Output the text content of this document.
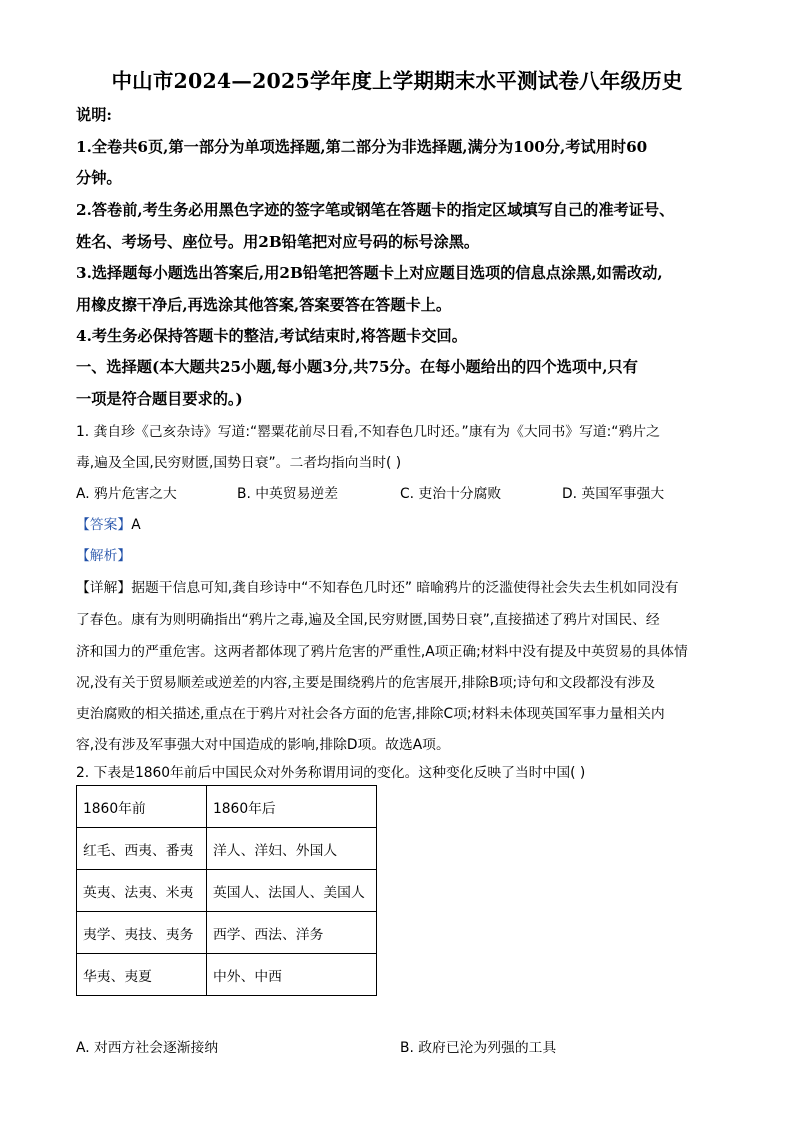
中山市2024—2025学年度上学期期末水平测试卷八年级历史
说明:
1.全卷共6页,第一部分为单项选择题,第二部分为非选择题,满分为100分,考试用时60
分钟。
2.答卷前,考生务必用黑色字迹的签字笔或钢笔在答题卡的指定区域填写自己的准考证号、
姓名、考场号、座位号。用2B铅笔把对应号码的标号涂黑。
3.选择题每小题选出答案后,用2B铅笔把答题卡上对应题目选项的信息点涂黑,如需改动,
用橡皮擦干净后,再选涂其他答案,答案要答在答题卡上。
4.考生务必保持答题卡的整洁,考试结束时,将答题卡交回。
一、选择题(本大题共25小题,每小题3分,共75分。在每小题给出的四个选项中,只有
一项是符合题目要求的。)
1. 龚自珍《己亥杂诗》写道:“罂粟花前尽日看,不知春色几时还。”康有为《大同书》写道:“鸦片之
毒,遍及全国,民穷财匮,国势日衰”。二者均指向当时( )
A. 鸦片危害之大	B. 中英贸易逆差	C. 吏治十分腐败	D. 英国军事强大
【答案】A
【解析】
【详解】据题干信息可知,龚自珍诗中“不知春色几时还” 暗喻鸦片的泛滥使得社会失去生机如同没有
了春色。康有为则明确指出“鸦片之毒,遍及全国,民穷财匮,国势日衰”,直接描述了鸦片对国民、经
济和国力的严重危害。这两者都体现了鸦片危害的严重性,A项正确;材料中没有提及中英贸易的具体情
况,没有关于贸易顺差或逆差的内容,主要是围绕鸦片的危害展开,排除B项;诗句和文段都没有涉及
吏治腐败的相关描述,重点在于鸦片对社会各方面的危害,排除C项;材料未体现英国军事力量相关内
容,没有涉及军事强大对中国造成的影响,排除D项。故选A项。
2. 下表是1860年前后中国民众对外务称谓用词的变化。这种变化反映了当时中国( )
1860年前	1860年后
红毛、西夷、番夷	洋人、洋妇、外国人
英夷、法夷、米夷	英国人、法国人、美国人
夷学、夷技、夷务	西学、西法、洋务
华夷、夷夏	中外、中西
A. 对西方社会逐渐接纳	B. 政府已沦为列强的工具
